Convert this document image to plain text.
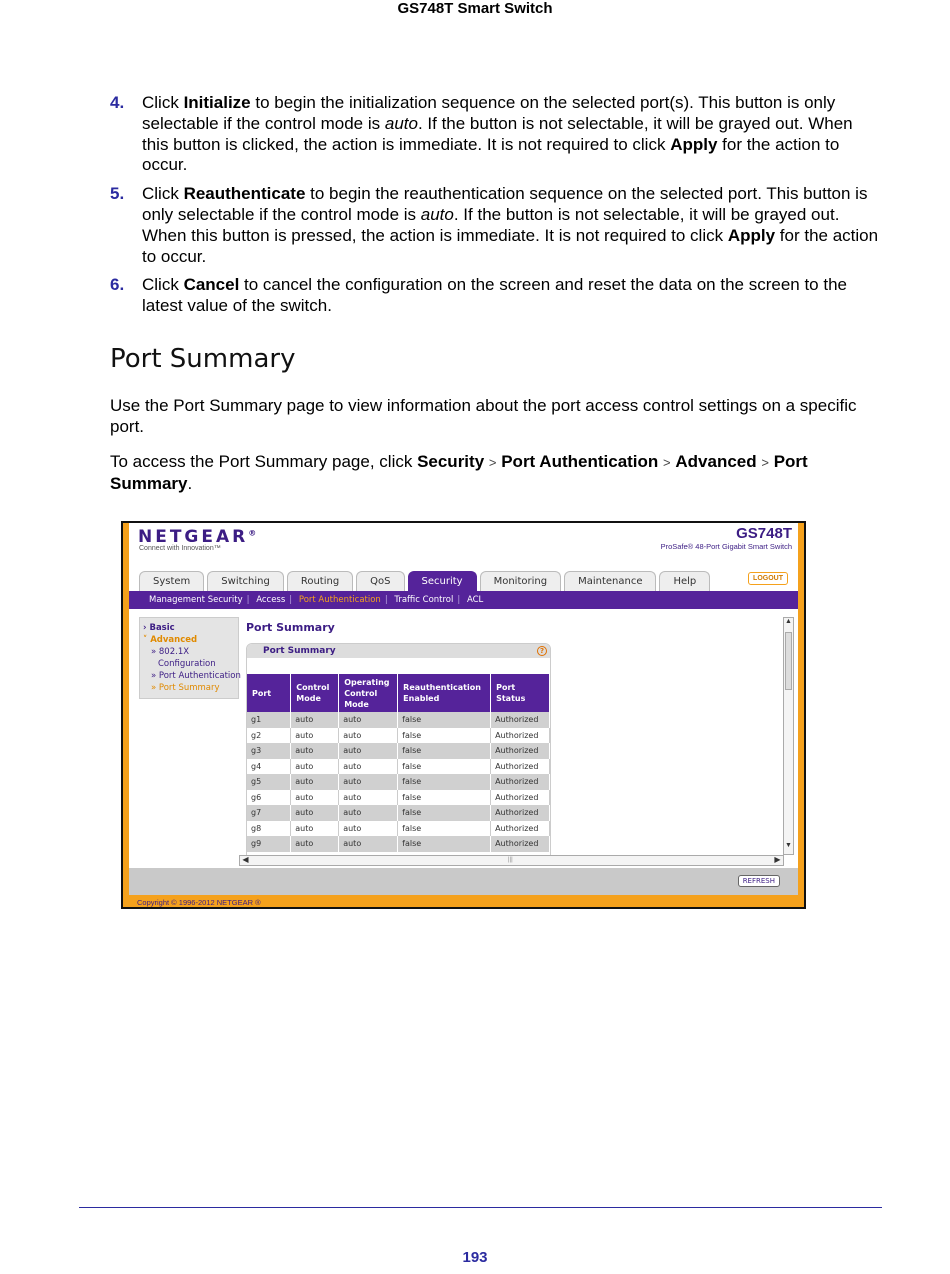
GS748T Smart Switch
4.	Click Initialize to begin the initialization sequence on the selected port(s). This button is only selectable if the control mode is auto. If the button is not selectable, it will be grayed out. When this button is clicked, the action is immediate. It is not required to click Apply for the action to occur.
5.	Click Reauthenticate to begin the reauthentication sequence on the selected port. This button is only selectable if the control mode is auto. If the button is not selectable, it will be grayed out. When this button is pressed, the action is immediate. It is not required to click Apply for the action to occur.
6.	Click Cancel to cancel the configuration on the screen and reset the data on the screen to the latest value of the switch.
Port Summary

Use the Port Summary page to view information about the port access control settings on a specific port.

To access the Port Summary page, click Security > Port Authentication > Advanced > Port Summary.

NETGEAR®
Connect with Innovation™
GS748T
ProSafe® 48-Port Gigabit Smart Switch
System	Switching	Routing	QoS	Security	Monitoring	Maintenance	Help	LOGOUT
Management Security | Access | Port Authentication | Traffic Control | ACL
› Basic
˅ Advanced
» 802.1X
Configuration
» Port Authentication
» Port Summary
Port Summary
Port Summary	?
Port	Control Mode	Operating Control Mode	Reauthentication Enabled	Port Status
g1	auto	auto	false	Authorized
g2	auto	auto	false	Authorized
g3	auto	auto	false	Authorized
g4	auto	auto	false	Authorized
g5	auto	auto	false	Authorized
g6	auto	auto	false	Authorized
g7	auto	auto	false	Authorized
g8	auto	auto	false	Authorized
g9	auto	auto	false	Authorized
▲
▼
◀	|||	▶
REFRESH
Copyright © 1996-2012 NETGEAR ®
193
